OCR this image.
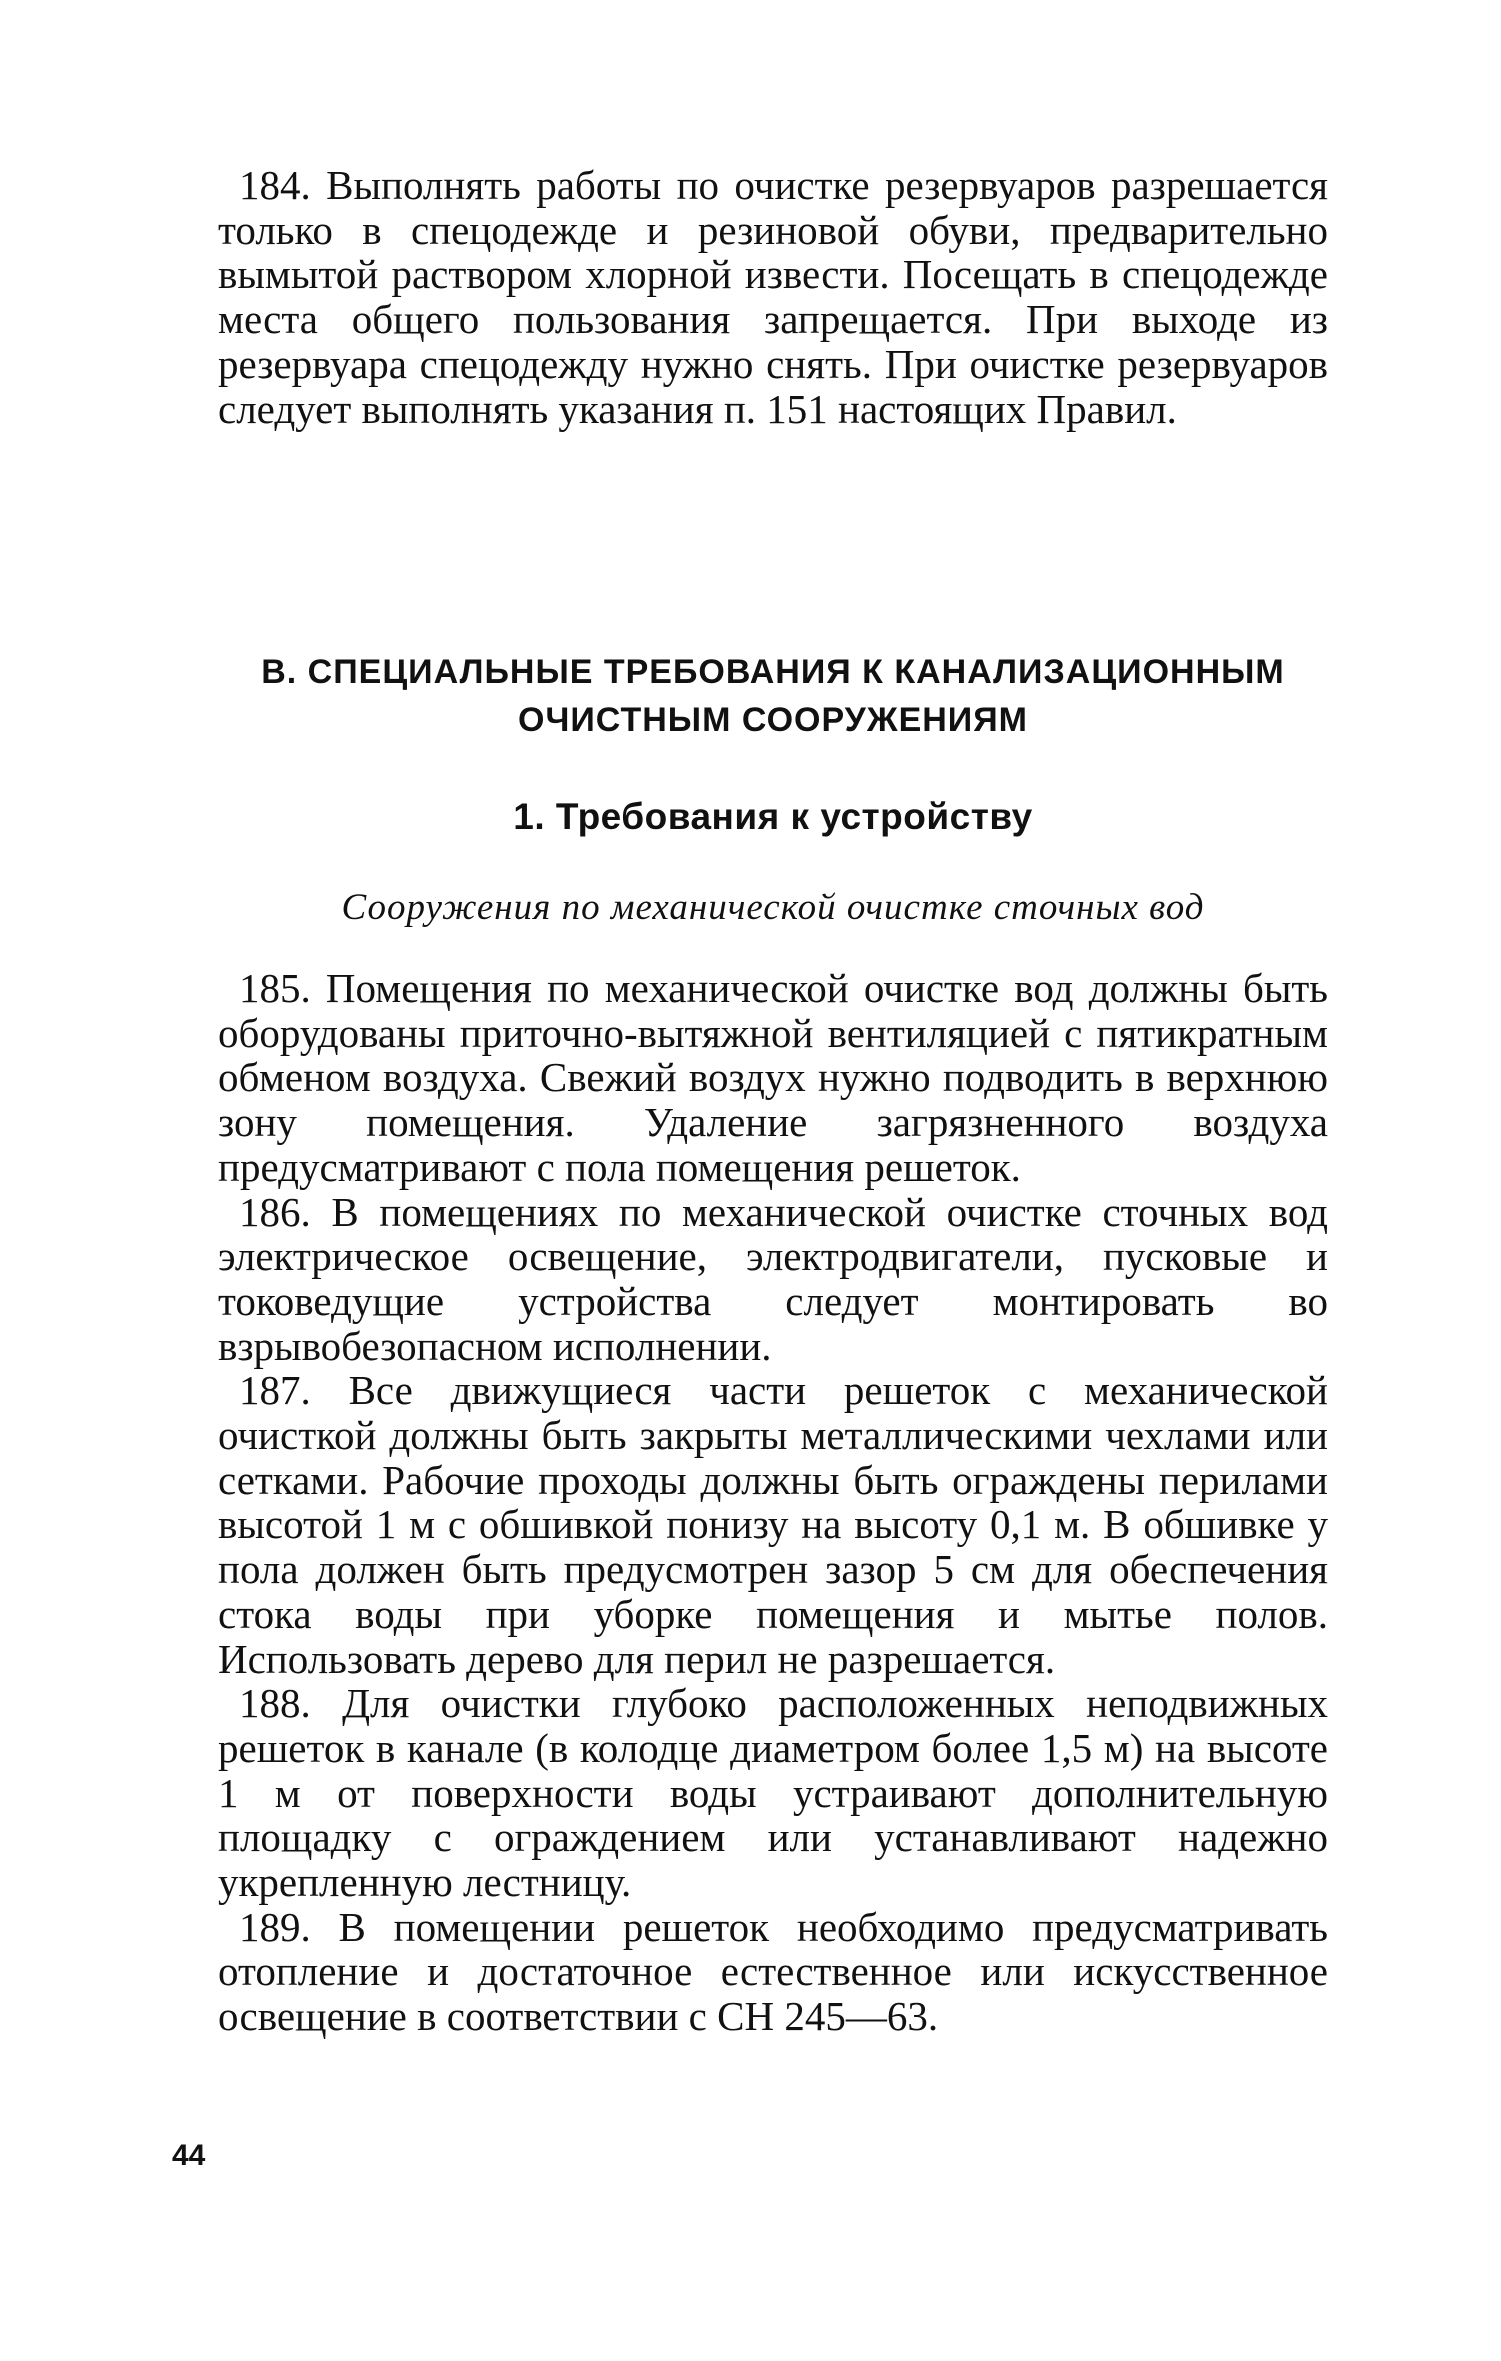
184. Выполнять работы по очистке резервуаров разрешается только в спецодежде и резиновой обуви, предварительно вымытой раствором хлорной извести. Посещать в спецодежде места общего пользования запрещается. При выходе из резервуара спецодежду нужно снять. При очистке резервуаров следует выполнять указания п. 151 настоящих Правил.

В. СПЕЦИАЛЬНЫЕ ТРЕБОВАНИЯ К КАНАЛИЗАЦИОННЫМ ОЧИСТНЫМ СООРУЖЕНИЯМ
1. Требования к устройству
Сооружения по механической очистке сточных вод

185. Помещения по механической очистке вод должны быть оборудованы приточно-вытяжной вентиляцией с пятикратным обменом воздуха. Свежий воздух нужно подводить в верхнюю зону помещения. Удаление загрязненного воздуха предусматривают с пола помещения решеток.

186. В помещениях по механической очистке сточных вод электрическое освещение, электродвигатели, пусковые и токоведущие устройства следует монтировать во взрывобезопасном исполнении.

187. Все движущиеся части решеток с механической очисткой должны быть закрыты металлическими чехлами или сетками. Рабочие проходы должны быть ограждены перилами высотой 1 м с обшивкой понизу на высоту 0,1 м. В обшивке у пола должен быть предусмотрен зазор 5 см для обеспечения стока воды при уборке помещения и мытье полов. Использовать дерево для перил не разрешается.

188. Для очистки глубоко расположенных неподвижных решеток в канале (в колодце диаметром более 1,5 м) на высоте 1 м от поверхности воды устраивают дополнительную площадку с ограждением или устанавливают надежно укрепленную лестницу.

189. В помещении решеток необходимо предусматривать отопление и достаточное естественное или искусственное освещение в соответствии с СН 245—63.

44
